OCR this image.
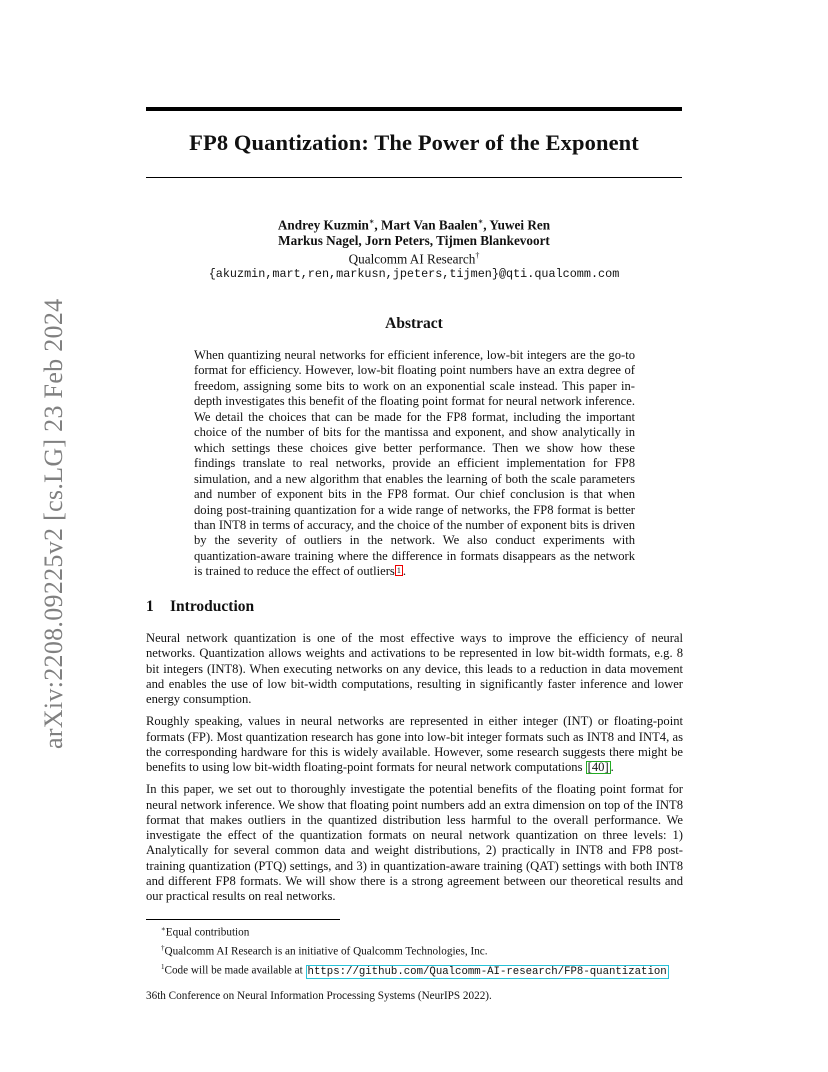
arXiv:2208.09225v2 [cs.LG] 23 Feb 2024
FP8 Quantization: The Power of the Exponent
Andrey Kuzmin∗, Mart Van Baalen∗, Yuwei Ren
Markus Nagel, Jorn Peters, Tijmen Blankevoort
Qualcomm AI Research†
{akuzmin,mart,ren,markusn,jpeters,tijmen}@qti.qualcomm.com
Abstract
When quantizing neural networks for efficient inference, low-bit integers are the go-to format for efficiency. However, low-bit floating point numbers have an extra degree of freedom, assigning some bits to work on an exponential scale instead. This paper in-depth investigates this benefit of the floating point format for neural network inference. We detail the choices that can be made for the FP8 format, including the important choice of the number of bits for the mantissa and exponent, and show analytically in which settings these choices give better performance. Then we show how these findings translate to real networks, provide an efficient implementation for FP8 simulation, and a new algorithm that enables the learning of both the scale parameters and number of exponent bits in the FP8 format. Our chief conclusion is that when doing post-training quantization for a wide range of networks, the FP8 format is better than INT8 in terms of accuracy, and the choice of the number of exponent bits is driven by the severity of outliers in the network. We also conduct experiments with quantization-aware training where the difference in formats disappears as the network is trained to reduce the effect of outliers $^1$ .
1 Introduction

Neural network quantization is one of the most effective ways to improve the efficiency of neural networks. Quantization allows weights and activations to be represented in low bit-width formats, e.g. 8 bit integers (INT8). When executing networks on any device, this leads to a reduction in data movement and enables the use of low bit-width computations, resulting in significantly faster inference and lower energy consumption.

Roughly speaking, values in neural networks are represented in either integer (INT) or floating-point formats (FP). Most quantization research has gone into low-bit integer formats such as INT8 and INT4, as the corresponding hardware for this is widely available. However, some research suggests there might be benefits to using low bit-width floating-point formats for neural network computations [40] .

In this paper, we set out to thoroughly investigate the potential benefits of the floating point format for neural network inference. We show that floating point numbers add an extra dimension on top of the INT8 format that makes outliers in the quantized distribution less harmful to the overall performance. We investigate the effect of the quantization formats on neural network quantization on three levels: 1) Analytically for several common data and weight distributions, 2) practically in INT8 and FP8 post-training quantization (PTQ) settings, and 3) in quantization-aware training (QAT) settings with both INT8 and different FP8 formats. We will show there is a strong agreement between our theoretical results and our practical results on real networks.

∗Equal contribution
†Qualcomm AI Research is an initiative of Qualcomm Technologies, Inc.
$^1$Code will be made available at https://github.com/Qualcomm-AI-research/FP8-quantization
36th Conference on Neural Information Processing Systems (NeurIPS 2022).
